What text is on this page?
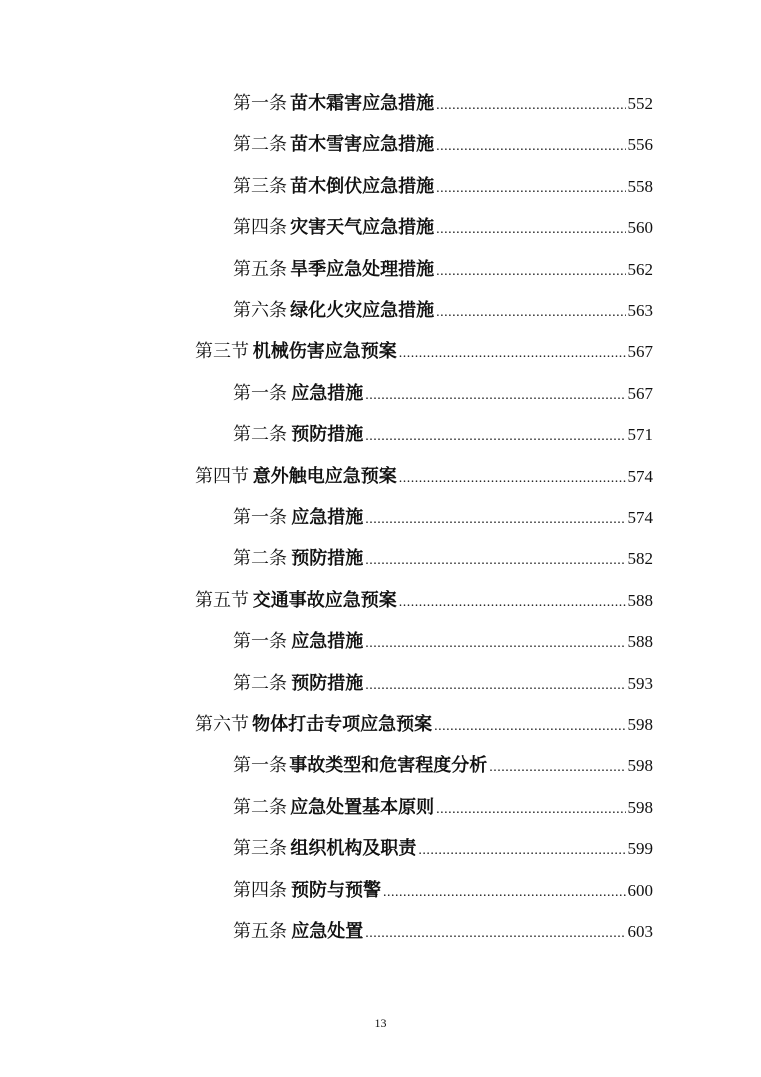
第一条 苗木霜害应急措施 .....	552
第二条 苗木雪害应急措施 .....	556
第三条 苗木倒伏应急措施 .....	558
第四条 灾害天气应急措施 .....	560
第五条 旱季应急处理措施 .....	562
第六条 绿化火灾应急措施 .....	563
第三节 机械伤害应急预案 .....	567
第一条 应急措施 .....	567
第二条 预防措施 .....	571
第四节 意外触电应急预案 .....	574
第一条 应急措施 .....	574
第二条 预防措施 .....	582
第五节 交通事故应急预案 .....	588
第一条 应急措施 .....	588
第二条 预防措施 .....	593
第六节 物体打击专项应急预案 .....	598
第一条 事故类型和危害程度分析 .....	598
第二条 应急处置基本原则 .....	598
第三条 组织机构及职责 .....	599
第四条 预防与预警 .....	600
第五条 应急处置 .....	603
13
